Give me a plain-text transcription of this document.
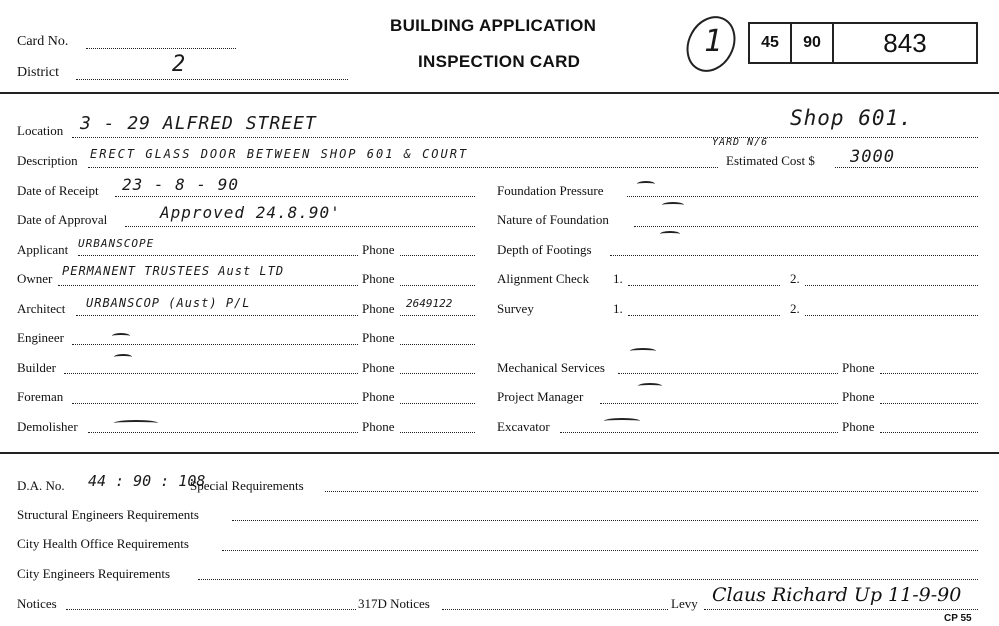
Card No.
District	2
BUILDING APPLICATION
INSPECTION CARD
1	45	90	843
Location 3 - 29 ALFRED STREET	Shop 601.
Description ERECT GLASS DOOR BETWEEN SHOP 601 & COURT
YARD N/6
Estimated Cost $ 3000
Date of Receipt 23 - 8 - 90
Date of Approval	Approved 24.8.90'
Applicant URBANSCOPE	Phone
Owner PERMANENT TRUSTEES Aust LTD	Phone
Architect URBANSCOP (Aust) P/L	Phone 2649122
Engineer	Phone
Builder	Phone
Foreman	Phone
Demolisher	Phone
Foundation Pressure
Nature of Foundation
Depth of Footings
Alignment Check 1.	2.
Survey	1.	2.
Mechanical Services	Phone
Project Manager	Phone
Excavator	Phone
D.A. No. 44 : 90 : 108
Special Requirements
Structural Engineers Requirements
City Health Office Requirements
City Engineers Requirements
Notices	317D Notices	Levy Claus Richard Up 11-9-90
CP 55
